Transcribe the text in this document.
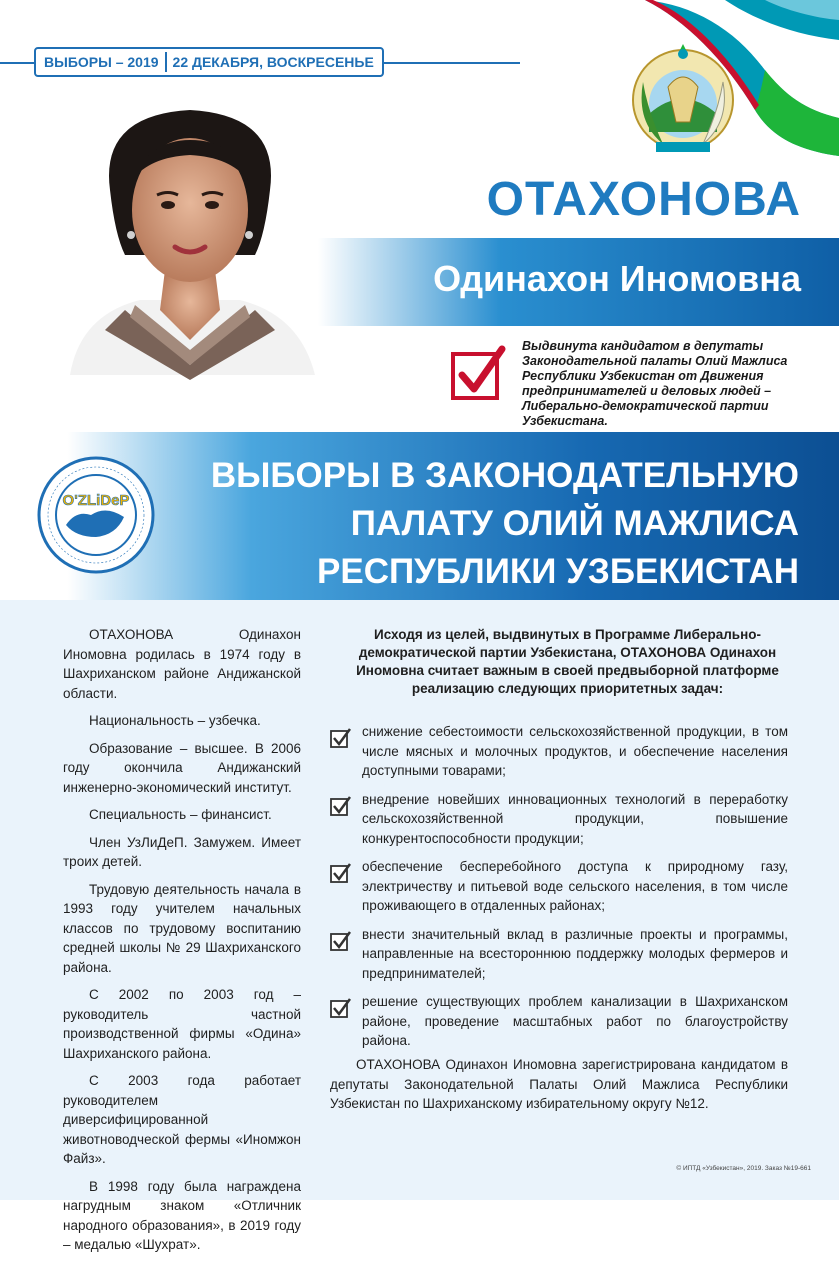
ВЫБОРЫ – 2019	22 ДЕКАБРЯ, ВОСКРЕСЕНЬЕ
ОТАХОНОВА
Одинахон Иномовна
Выдвинута кандидатом в депутаты Законодательной палаты Олий Мажлиса Республики Узбекистан от Движения предпринимателей и деловых людей – Либерально-демократической партии Узбекистана.
O'ZLiDeP
ВЫБОРЫ В ЗАКОНОДАТЕЛЬНУЮ
ПАЛАТУ ОЛИЙ МАЖЛИСА
РЕСПУБЛИКИ УЗБЕКИСТАН

ОТАХОНОВА Одинахон Иномовна родилась в 1974 году в Шахриханском районе Андижанской области.

Национальность – узбечка.

Образование – высшее. В 2006 году окончила Андижанский инженерно-экономический институт.

Специальность – финансист.

Член УзЛиДеП. Замужем. Имеет троих детей.

Трудовую деятельность начала в 1993 году учителем начальных классов по трудовому воспитанию средней школы № 29 Шахриханского района.

С 2002 по 2003 год – руководитель частной производственной фирмы «Одина» Шахриханского района.

С 2003 года работает руководителем диверсифицированной животноводческой фермы «Иномжон Файз».

В 1998 году была награждена нагрудным знаком «Отличник народного образования», в 2019 году – медалью «Шухрат».

Исходя из целей, выдвинутых в Программе Либерально-демократической партии Узбекистана, ОТАХОНОВА Одинахон Иномовна считает важным в своей предвыборной платформе реализацию следующих приоритетных задач:
снижение себестоимости сельскохозяйственной продукции, в том числе мясных и молочных продуктов, и обеспечение населения доступными товарами;
внедрение новейших инновационных технологий в переработку сельскохозяйственной продукции, повышение конкурентоспособности продукции;
обеспечение бесперебойного доступа к природному газу, электричеству и питьевой воде сельского населения, в том числе проживающего в отдаленных районах;
внести значительный вклад в различные проекты и программы, направленные на всестороннюю поддержку молодых фермеров и предпринимателей;
решение существующих проблем канализации в Шахриханском районе, проведение масштабных работ по благоустройству района.
ОТАХОНОВА Одинахон Иномовна зарегистрирована кандидатом в депутаты Законодательной Палаты Олий Мажлиса Республики Узбекистан по Шахриханскому избирательному округу №12.
© ИПТД «Узбекистан», 2019. Заказ №19-661
